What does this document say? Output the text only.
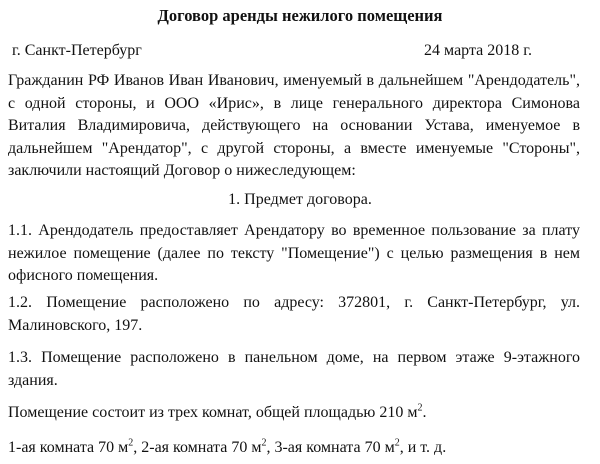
Договор аренды нежилого помещения
г. Санкт-Петербург	24 марта 2018 г.

Гражданин РФ Иванов Иван Иванович, именуемый в дальнейшем "Арендодатель", с одной стороны, и ООО «Ирис», в лице генерального директора Симонова Виталия Владимировича, действующего на основании Устава, именуемое в дальнейшем "Арендатор", с другой стороны, а вместе именуемые "Стороны", заключили настоящий Договор о нижеследующем:

1. Предмет договора.

1.1. Арендодатель предоставляет Арендатору во временное пользование за плату нежилое помещение (далее по тексту "Помещение") с целью размещения в нем офисного помещения.

1.2. Помещение расположено по адресу: 372801, г. Санкт-Петербург, ул. Малиновского, 197.

1.3. Помещение расположено в панельном доме, на первом этаже 9-этажного здания.

Помещение состоит из трех комнат, общей площадью 210 $м^2$.

1-ая комната 70 $м^2$, 2-ая комната 70 $м^2$, 3-ая комната 70 $м^2$, и т. д.
